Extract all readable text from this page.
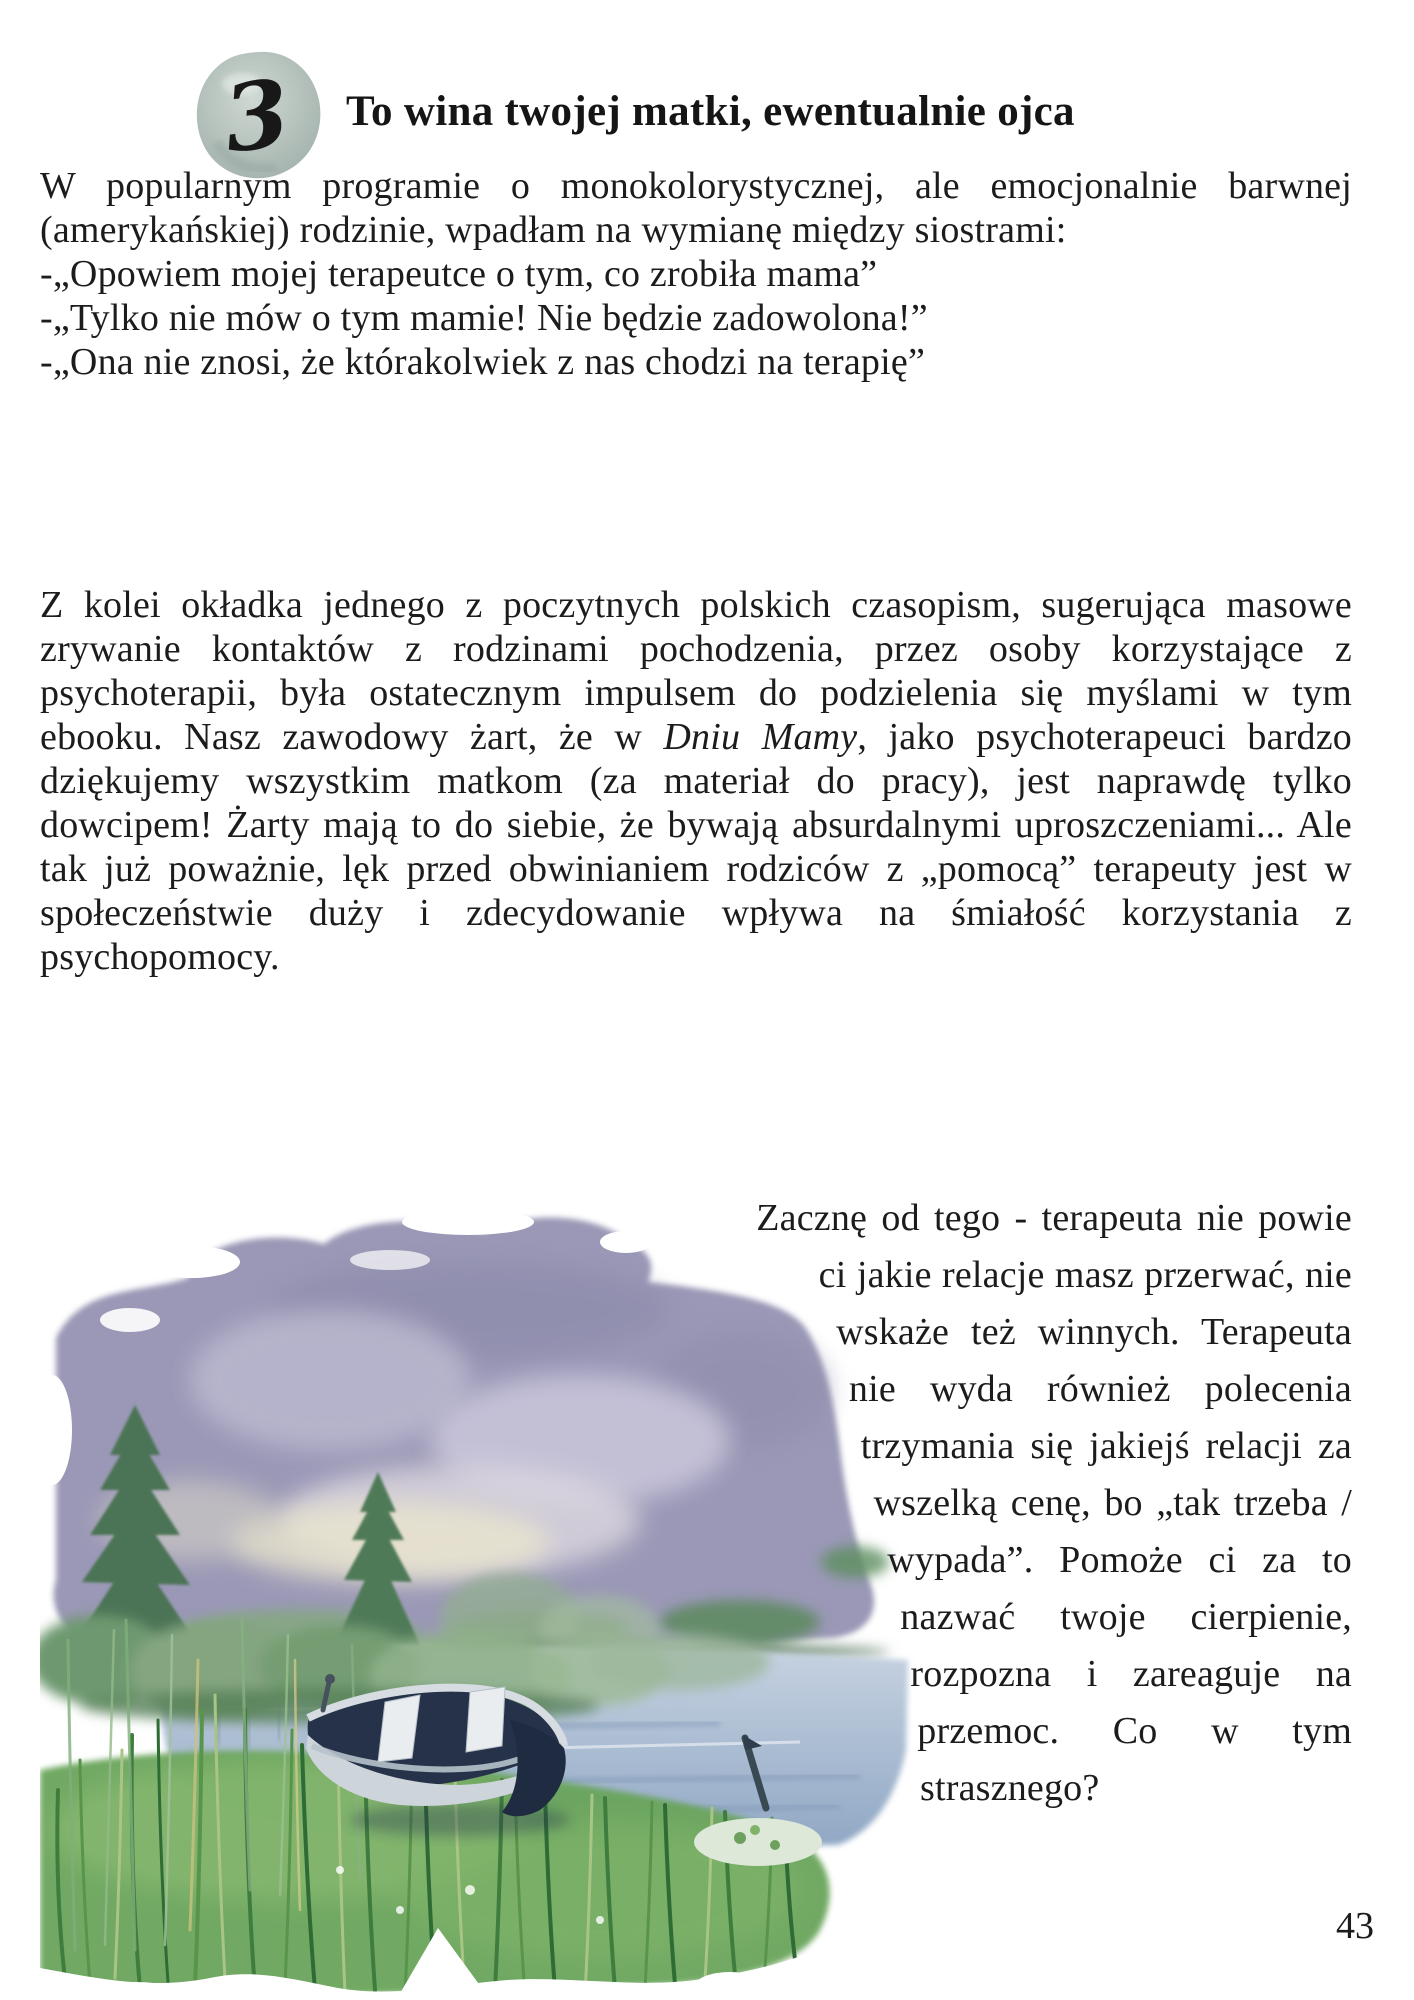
3 To wina twojej matki, ewentualnie ojca
W popularnym programie o monokolorystycznej, ale emocjonalnie barwnej (amerykańskiej) rodzinie, wpadłam na wymianę między siostrami:
-„Opowiem mojej terapeutce o tym, co zrobiła mama”
-„Tylko nie mów o tym mamie! Nie będzie zadowolona!”
-„Ona nie znosi, że którakolwiek z nas chodzi na terapię”
Z kolei okładka jednego z poczytnych polskich czasopism, sugerująca masowe zrywanie kontaktów z rodzinami pochodzenia, przez osoby korzystające z psychoterapii, była ostatecznym impulsem do podzielenia się myślami w tym ebooku. Nasz zawodowy żart, że w Dniu Mamy, jako psychoterapeuci bardzo dziękujemy wszystkim matkom (za materiał do pracy), jest naprawdę tylko dowcipem! Żarty mają to do siebie, że bywają absurdalnymi uproszczeniami... Ale tak już poważnie, lęk przed obwinianiem rodziców z „pomocą” terapeuty jest w społeczeństwie duży i zdecydowanie wpływa na śmiałość korzystania z psychopomocy.
Zacznę od tego - terapeuta nie powie ci jakie relacje masz przerwać, nie wskaże też winnych. Terapeuta nie wyda również polecenia trzymania się jakiejś relacji za wszelką cenę, bo „tak trzeba / wypada”. Pomoże ci za to nazwać twoje cierpienie, rozpozna i zareaguje na przemoc. Co w tym strasznego?
43
